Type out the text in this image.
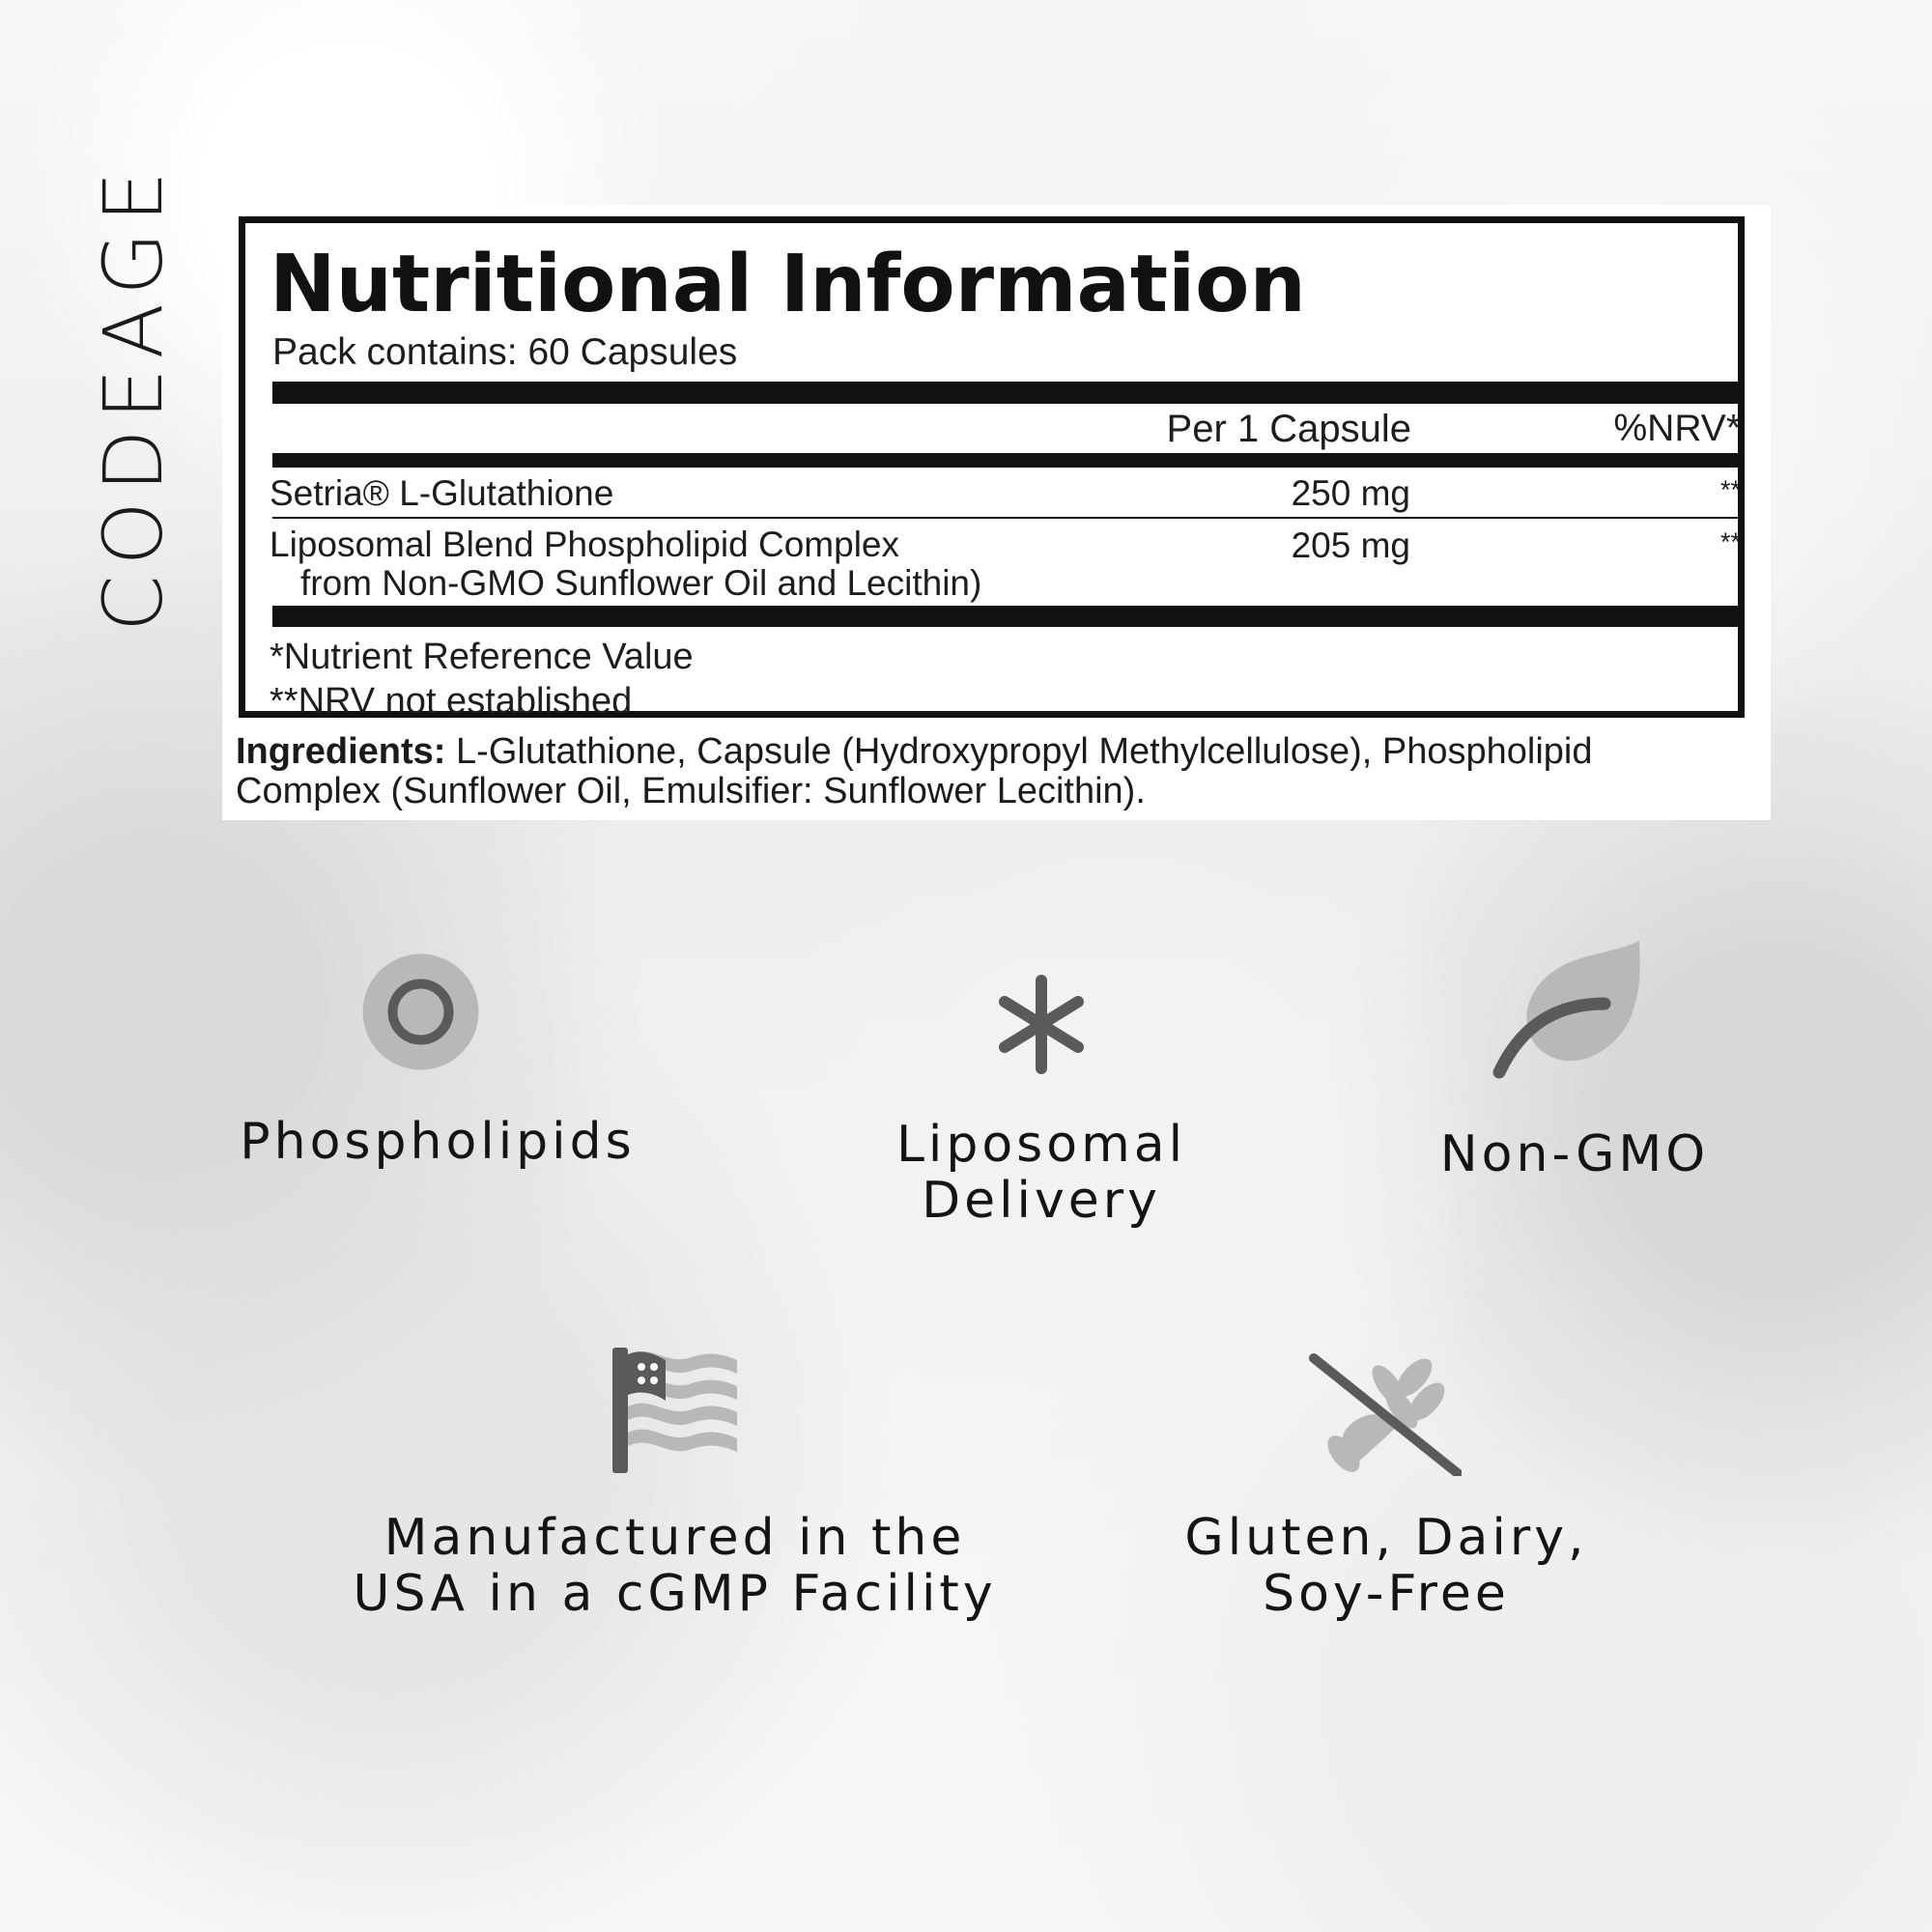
CODEAGE Nutritional Information
Pack contains: 60 Capsules
Per 1 Capsule	%NRV*
Setria® L-Glutathione	250 mg	**
Liposomal Blend Phospholipid Complex
from Non-GMO Sunflower Oil and Lecithin)
205 mg	**
*Nutrient Reference Value
**NRV not established
Ingredients: L-Glutathione, Capsule (Hydroxypropyl Methylcellulose), Phospholipid Complex (Sunflower Oil, Emulsifier: Sunflower Lecithin).
Phospholipids	Liposomal
Delivery
Non-GMO
Manufactured in the
USA in a cGMP Facility
Gluten, Dairy,
Soy-Free
